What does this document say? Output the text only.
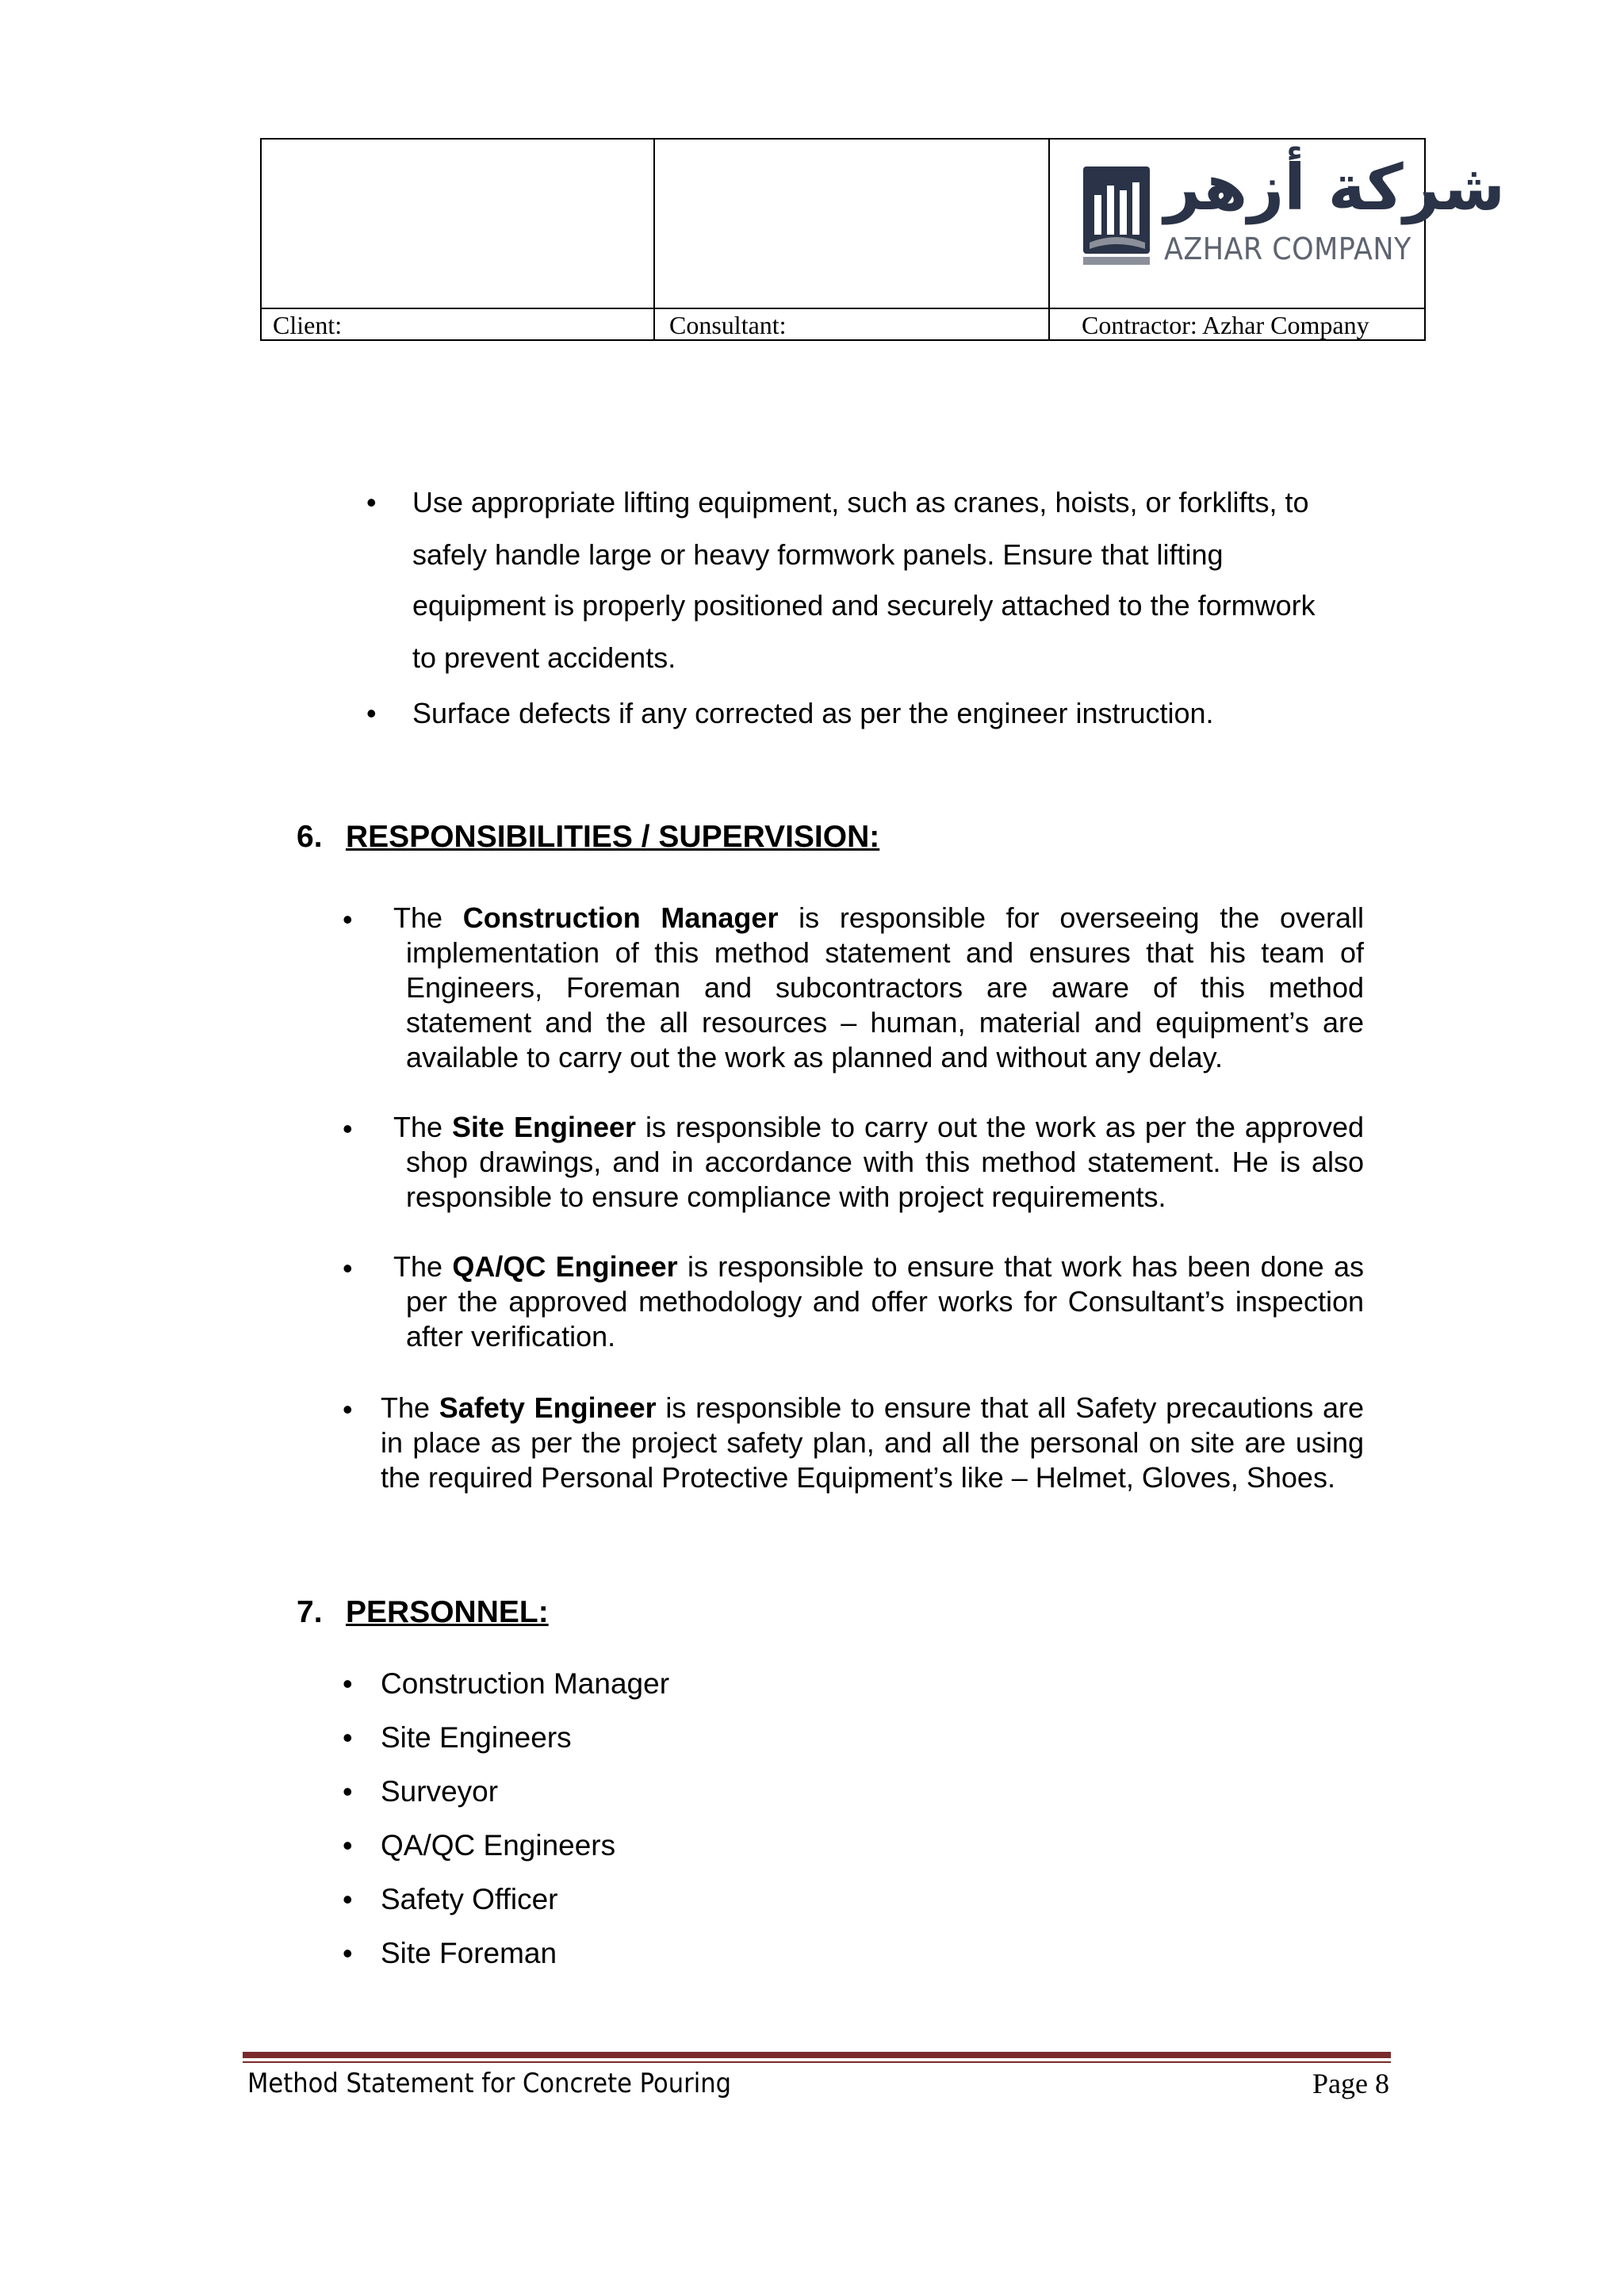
Client:	Consultant:	Contractor: Azhar Company
شركة أزهر
AZHAR COMPANY
• Use appropriate lifting equipment, such as cranes, hoists, or forklifts, to
safely handle large or heavy formwork panels. Ensure that lifting
equipment is properly positioned and securely attached to the formwork
to prevent accidents.
• Surface defects if any corrected as per the engineer instruction.
6. RESPONSIBILITIES / SUPERVISION:
• The Construction Manager is responsible for overseeing the overall implementation of this method statement and ensures that his team of Engineers, Foreman and subcontractors are aware of this method statement and the all resources – human, material and equipment’s are available to carry out the work as planned and without any delay.
• The Site Engineer is responsible to carry out the work as per the approved shop drawings, and in accordance with this method statement. He is also responsible to ensure compliance with project requirements.
• The QA/QC Engineer is responsible to ensure that work has been done as per the approved methodology and offer works for Consultant’s inspection after verification.
• The Safety Engineer is responsible to ensure that all Safety precautions are in place as per the project safety plan, and all the personal on site are using the required Personal Protective Equipment’s like – Helmet, Gloves, Shoes.
7. PERSONNEL:
• Construction Manager
• Site Engineers
• Surveyor
• QA/QC Engineers
• Safety Officer
• Site Foreman
Method Statement for Concrete Pouring	Page 8
